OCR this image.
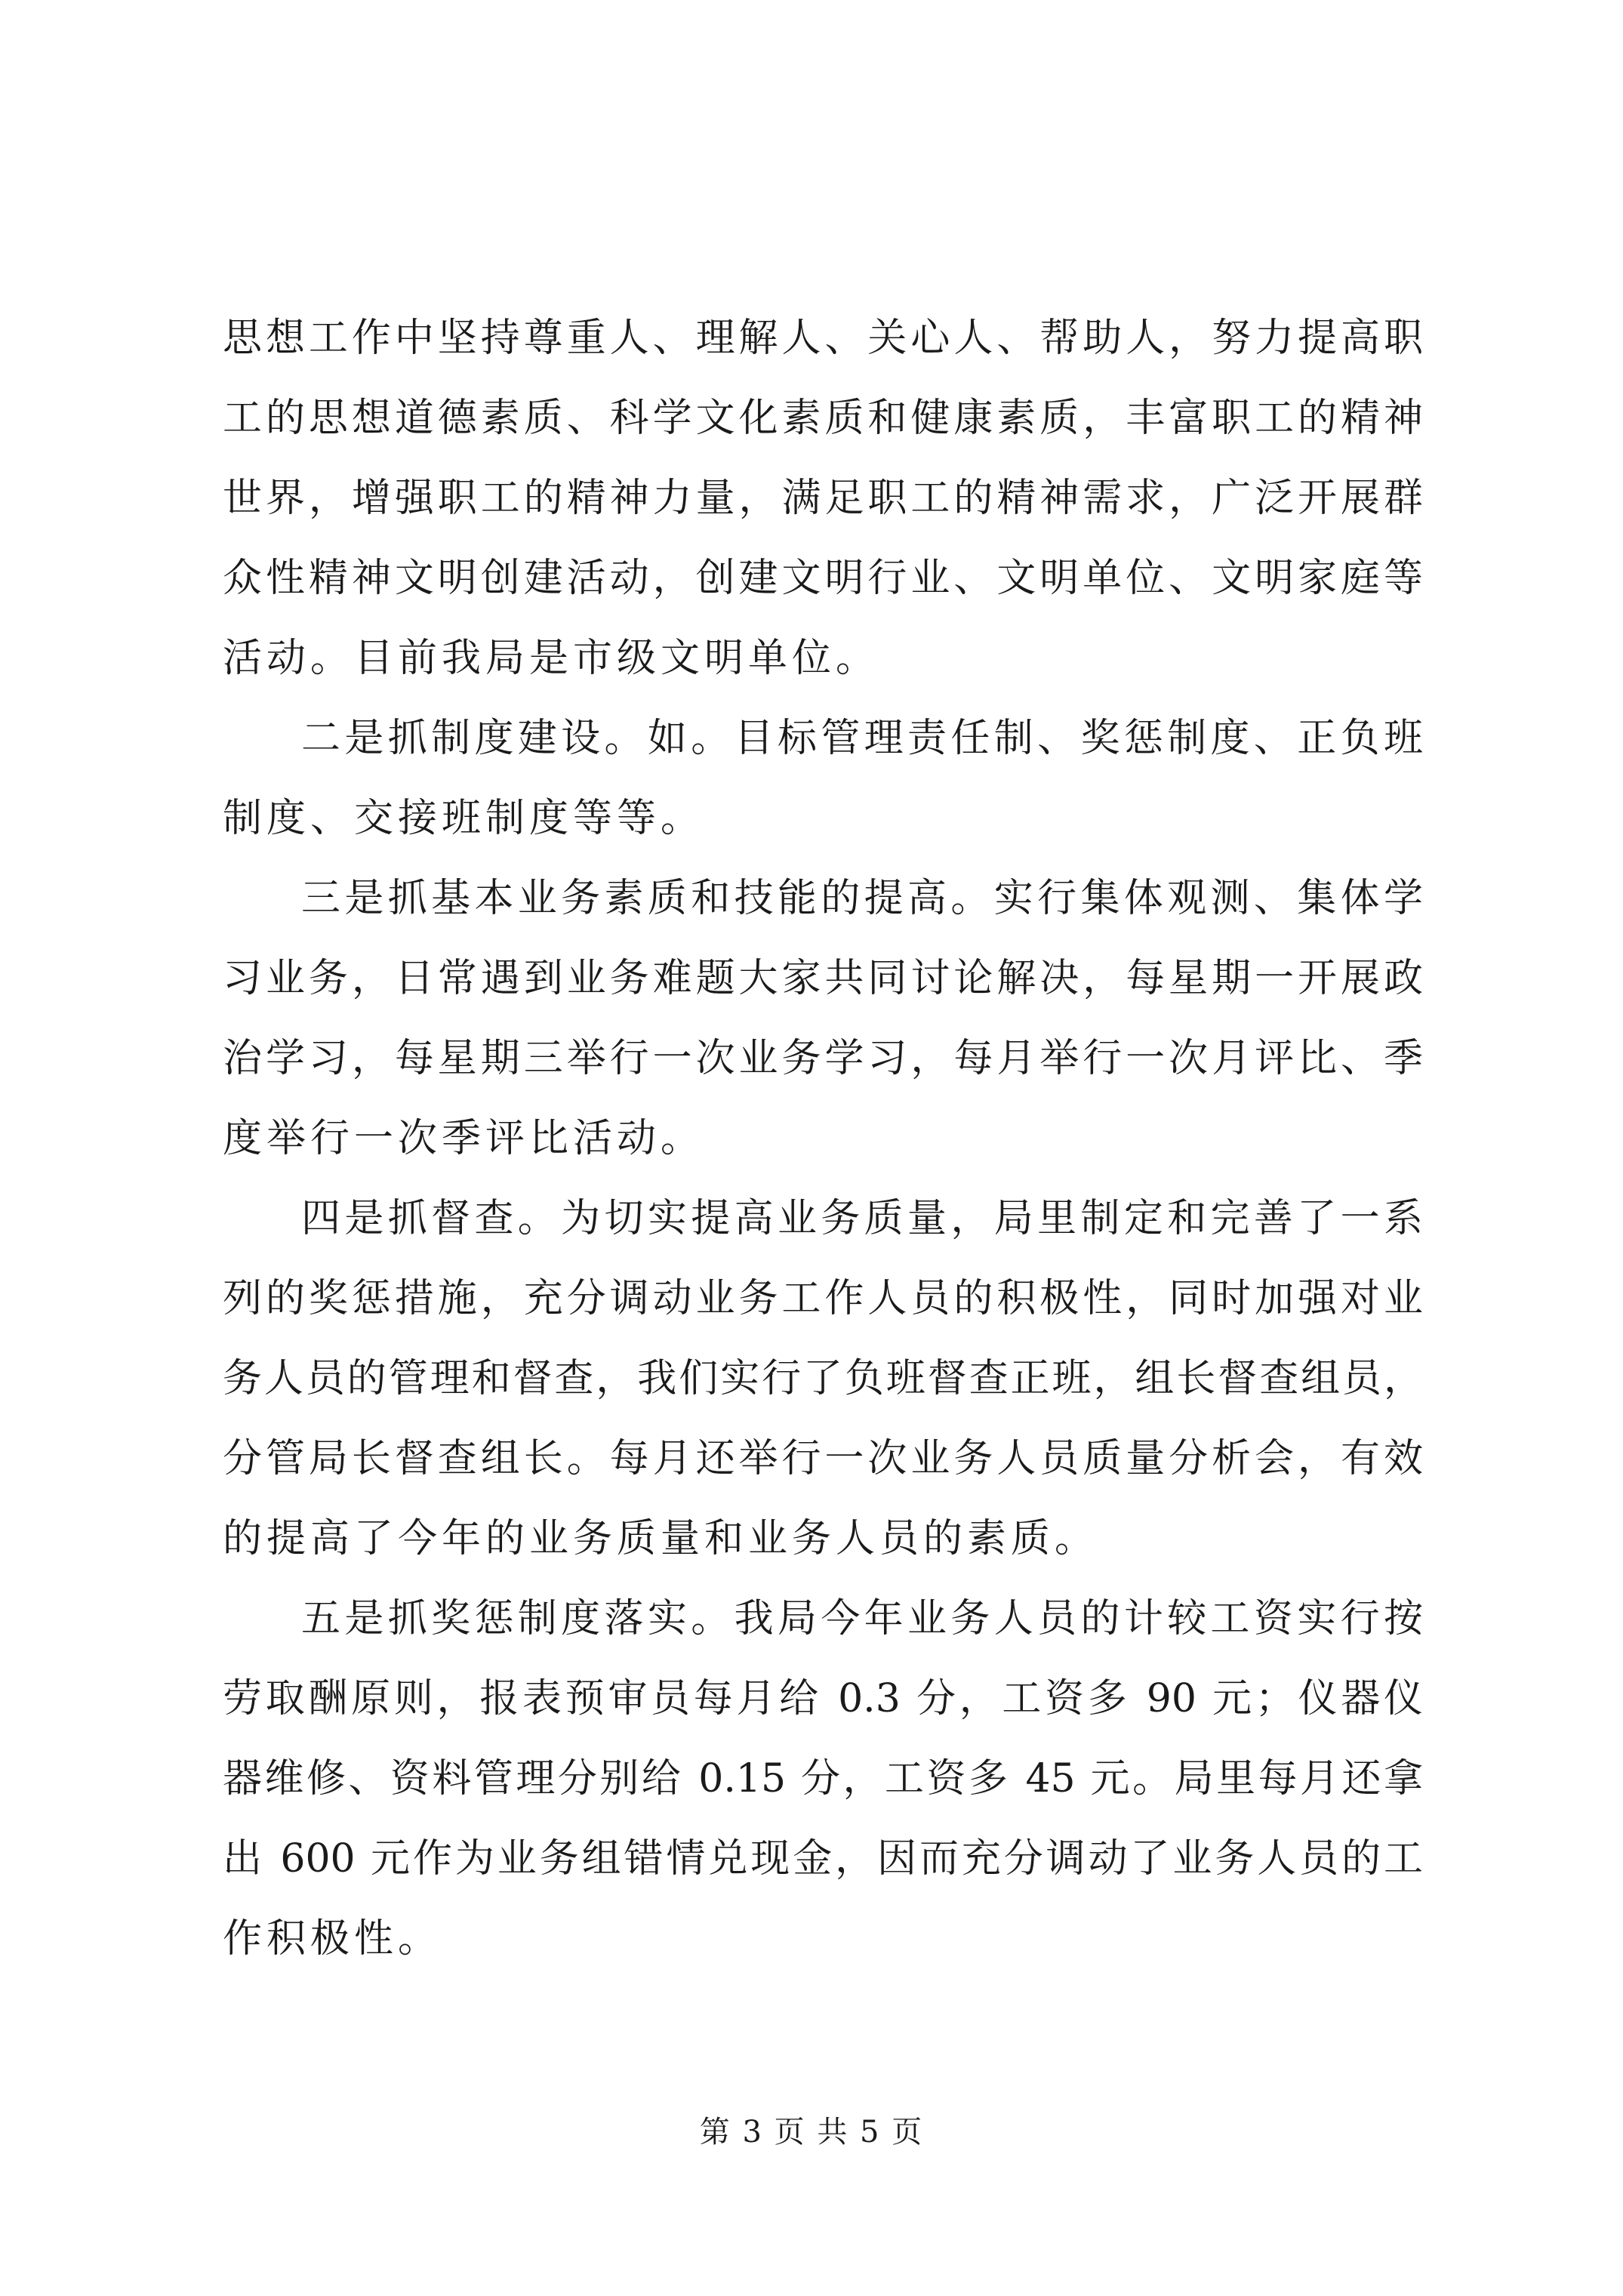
思想工作中坚持尊重人、理解人、关心人、帮助人，努力提高职
工的思想道德素质、科学文化素质和健康素质，丰富职工的精神
世界，增强职工的精神力量，满足职工的精神需求，广泛开展群
众性精神文明创建活动，创建文明行业、文明单位、文明家庭等
活动。目前我局是市级文明单位。
二是抓制度建设。如。目标管理责任制、奖惩制度、正负班
制度、交接班制度等等。
三是抓基本业务素质和技能的提高。实行集体观测、集体学
习业务，日常遇到业务难题大家共同讨论解决，每星期一开展政
治学习，每星期三举行一次业务学习，每月举行一次月评比、季
度举行一次季评比活动。
四是抓督查。为切实提高业务质量，局里制定和完善了一系
列的奖惩措施，充分调动业务工作人员的积极性，同时加强对业
务人员的管理和督查，我们实行了负班督查正班，组长督查组员，
分管局长督查组长。每月还举行一次业务人员质量分析会，有效
的提高了今年的业务质量和业务人员的素质。
五是抓奖惩制度落实。我局今年业务人员的计较工资实行按
劳取酬原则，报表预审员每月给 0.3 分，工资多 90 元；仪器仪
器维修、资料管理分别给 0.15 分，工资多 45 元。局里每月还拿
出 600 元作为业务组错情兑现金，因而充分调动了业务人员的工
作积极性。
第 3 页 共 5 页
